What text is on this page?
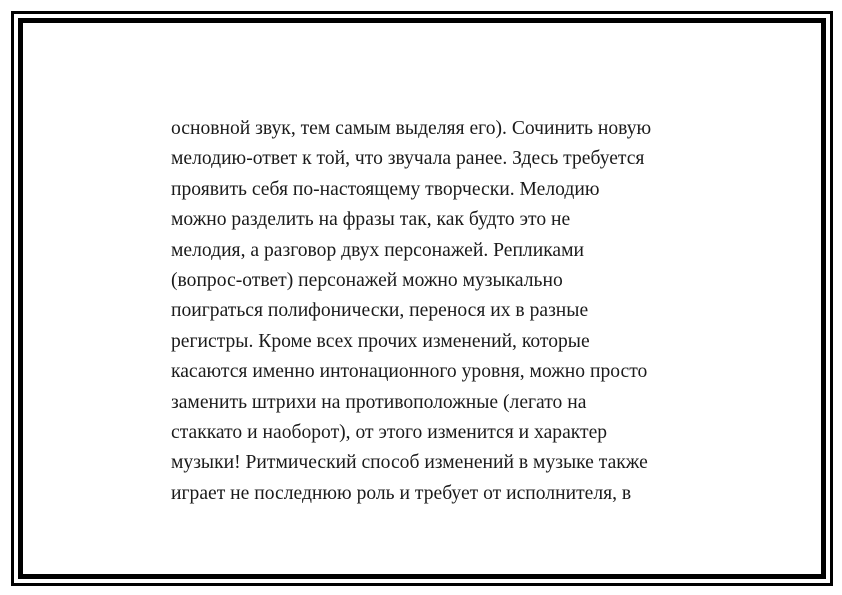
основной звук, тем самым выделяя его). Сочинить новую
мелодию-ответ к той, что звучала ранее. Здесь требуется
проявить себя по-настоящему творчески. Мелодию
можно разделить на фразы так, как будто это не
мелодия, а разговор двух персонажей. Репликами
(вопрос-ответ) персонажей можно музыкально
поиграться полифонически, перенося их в разные
регистры. Кроме всех прочих изменений, которые
касаются именно интонационного уровня, можно просто
заменить штрихи на противоположные (легато на
стаккато и наоборот), от этого изменится и характер
музыки! Ритмический способ изменений в музыке также
играет не последнюю роль и требует от исполнителя, в
